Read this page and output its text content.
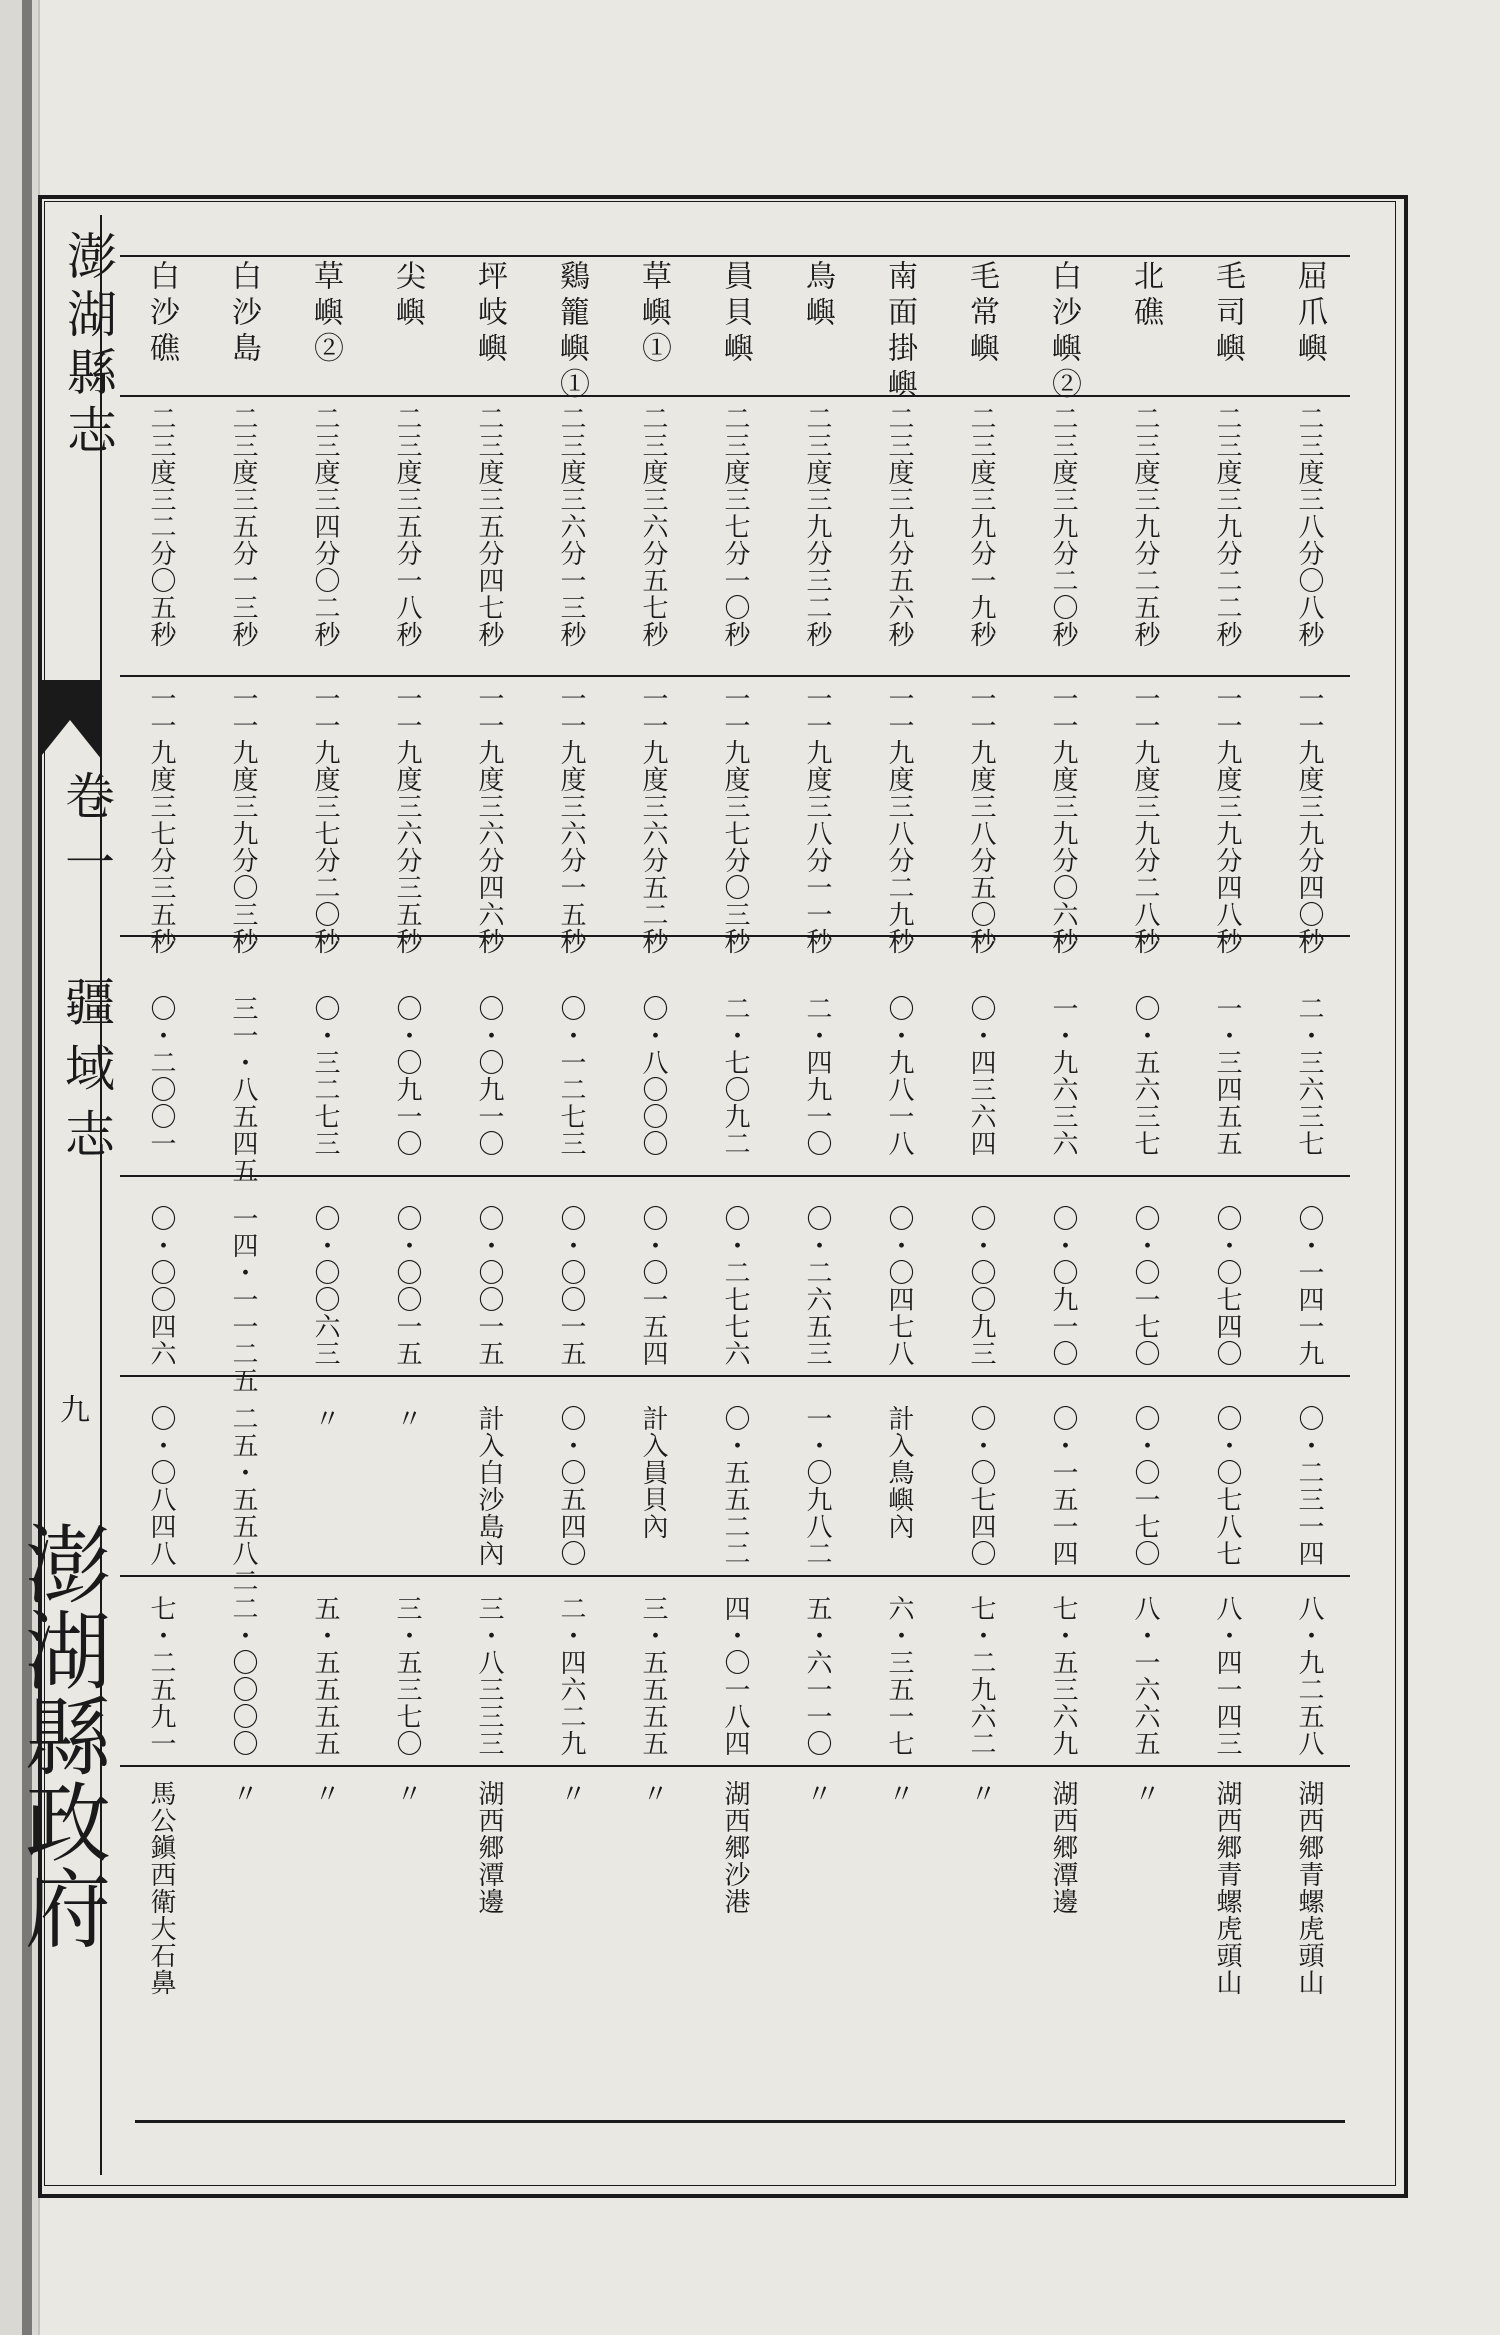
澎湖縣志
卷一 疆域志
九
屈爪嶼
二三度三八分〇八秒
一一九度三九分四〇秒
二・三六三七
〇・一四一九
〇・二三一四
八・九二五八
湖西郷青螺虎頭山
毛司嶼
二三度三九分二二秒
一一九度三九分四八秒
一・三四五五
〇・〇七四〇
〇・〇七八七
八・四一四三
湖西郷青螺虎頭山
北礁
二三度三九分二五秒
一一九度三九分二八秒
〇・五六三七
〇・〇一七〇
〇・〇一七〇
八・一六六五
〃
白沙嶼②
二三度三九分二〇秒
一一九度三九分〇六秒
一・九六三六
〇・〇九一〇
〇・一五一四
七・五三六九
湖西郷潭邊
毛常嶼
二三度三九分一九秒
一一九度三八分五〇秒
〇・四三六四
〇・〇〇九三
〇・〇七四〇
七・二九六二
〃
南面掛嶼
二三度三九分五六秒
一一九度三八分二九秒
〇・九八一八
〇・〇四七八
計入鳥嶼內
六・三五一七
〃
鳥嶼
二三度三九分三二秒
一一九度三八分一一秒
二・四九一〇
〇・二六五三
一・〇九八二
五・六一一〇
〃
員貝嶼
二三度三七分一〇秒
一一九度三七分〇三秒
二・七〇九二
〇・二七七六
〇・五五二二
四・〇一八四
湖西郷沙港
草嶼①
二三度三六分五七秒
一一九度三六分五二秒
〇・八〇〇〇
〇・〇一五四
計入員貝內
三・五五五五
〃
鷄籠嶼①
二三度三六分一三秒
一一九度三六分一五秒
〇・一二七三
〇・〇〇一五
〇・〇五四〇
二・四六二九
〃
坪岐嶼
二三度三五分四七秒
一一九度三六分四六秒
〇・〇九一〇
〇・〇〇一五
計入白沙島內
三・八三三三
湖西郷潭邊
尖嶼
二三度三五分一八秒
一一九度三六分三五秒
〇・〇九一〇
〇・〇〇一五
〃
三・五三七〇
〃
草嶼②
二三度三四分〇二秒
一一九度三七分二〇秒
〇・三二七三
〇・〇〇六三
〃
五・五五五五
〃
白沙島
二三度三五分一三秒
一一九度三九分〇三秒
三一・八五四五
一四・一一二五
二五・五五八二
二・〇〇〇〇
〃
白沙礁
二三度三二分〇五秒
一一九度三七分三五秒
〇・二〇〇一
〇・〇〇四六
〇・〇八四八
七・二五九一
馬公鎭西衛大石鼻
澎湖縣政府
